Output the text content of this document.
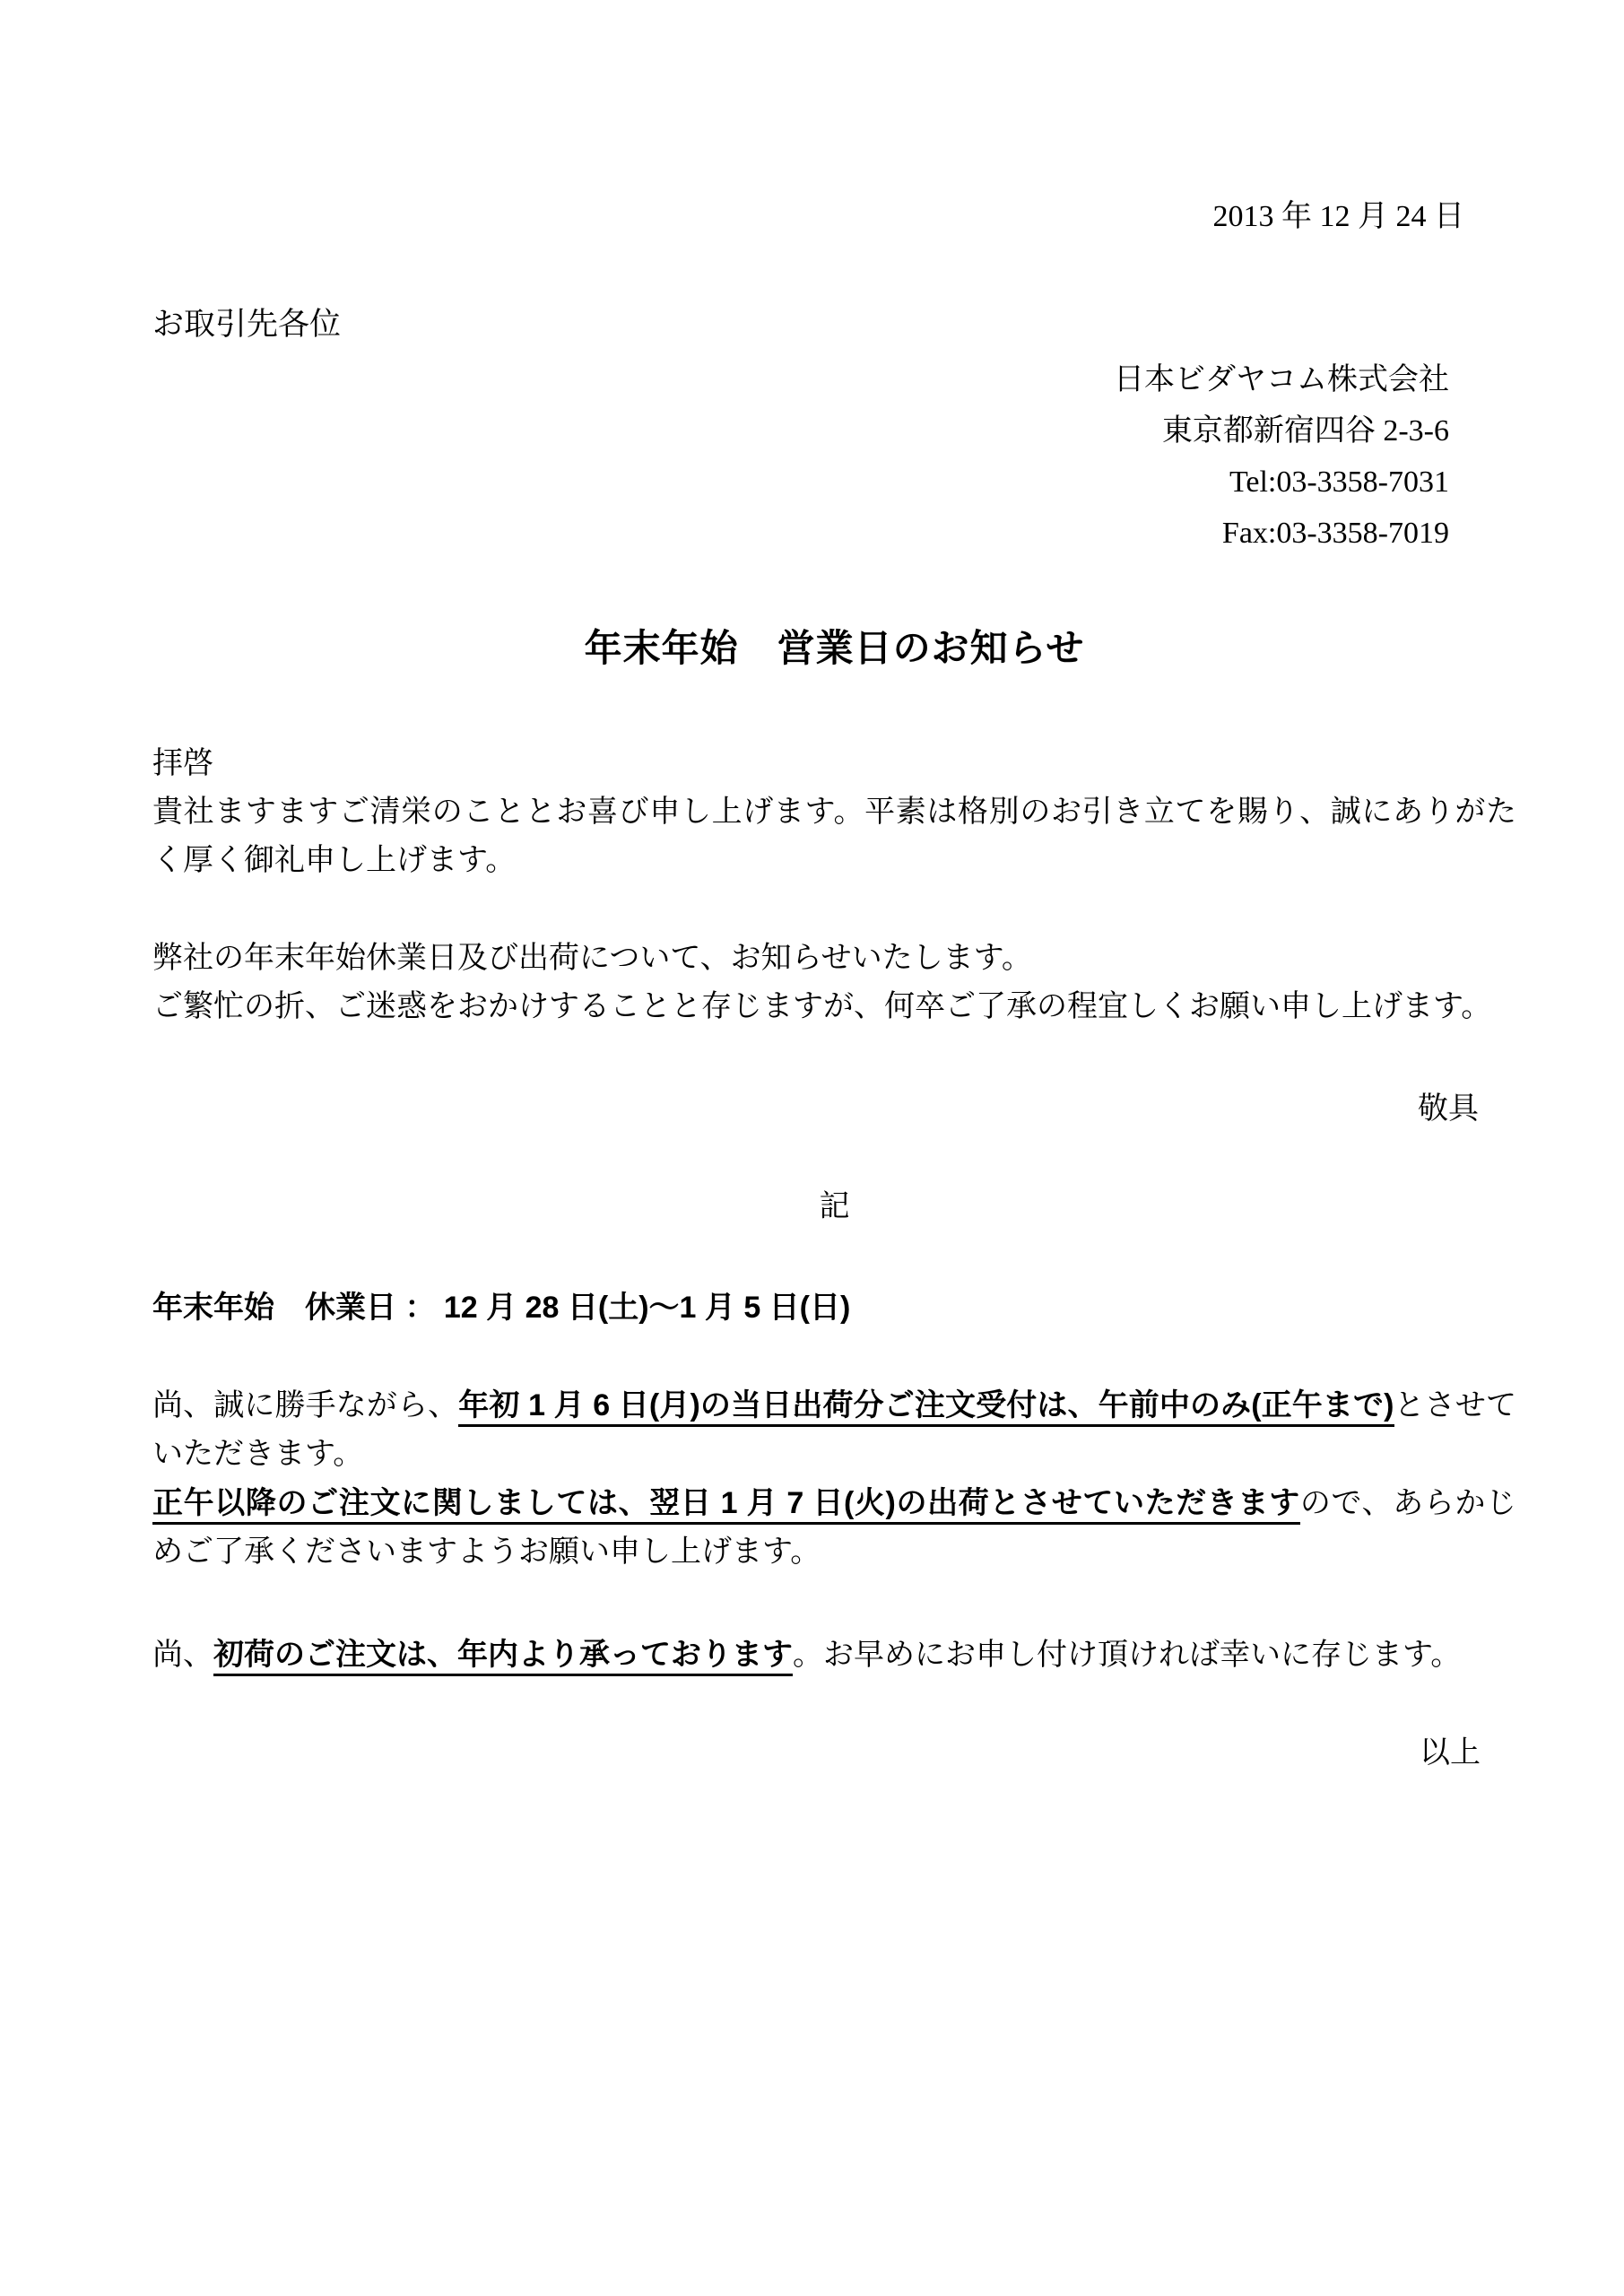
2013 年 12 月 24 日
お取引先各位
日本ビダヤコム株式会社
東京都新宿四谷 2-3-6
Tel:03-3358-7031
Fax:03-3358-7019
年末年始　営業日のお知らせ
拝啓
貴社ますますご清栄のこととお喜び申し上げます。平素は格別のお引き立てを賜り、誠にありがたく厚く御礼申し上げます。
弊社の年末年始休業日及び出荷について、お知らせいたします。
ご繁忙の折、ご迷惑をおかけすることと存じますが、何卒ご了承の程宜しくお願い申し上げます。
敬具
記
年末年始　休業日 ： 12 月 28 日(土)～1 月 5 日(日)
尚、誠に勝手ながら、年初 1 月 6 日(月)の当日出荷分ご注文受付は、午前中のみ(正午まで)とさせていただきます。
正午以降のご注文に関しましては、翌日 1 月 7 日(火)の出荷とさせていただきますので、あらかじめご了承くださいますようお願い申し上げます。
尚、初荷のご注文は、年内より承っております。お早めにお申し付け頂ければ幸いに存じます。
以上
